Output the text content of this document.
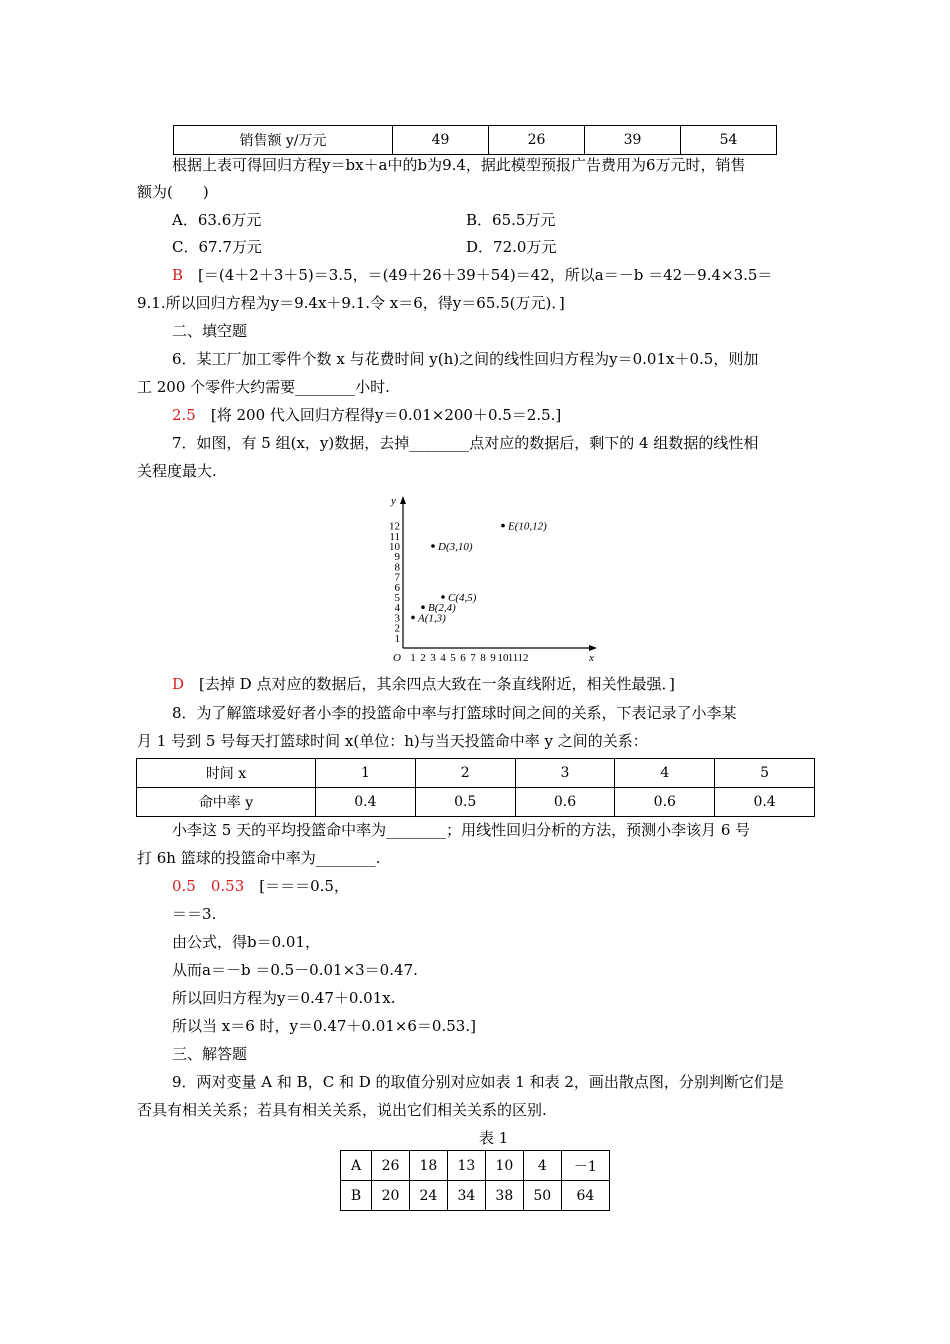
销售额 y/万元	49	26	39	54
根据上表可得回归方程y＝bx＋a中的b为9.4，据此模型预报广告费用为6万元时，销售
额为(　　)
A．63.6万元	B．65.5万元
C．67.7万元	D．72.0万元
B　[＝(4＋2＋3＋5)＝3.5，＝(49＋26＋39＋54)＝42，所以a＝－b ＝42－9.4×3.5＝
9.1.所以回归方程为y＝9.4x＋9.1.令 x＝6，得y＝65.5(万元)．]
二、填空题
6．某工厂加工零件个数 x 与花费时间 y(h)之间的线性回归方程为y＝0.01x＋0.5，则加
工 200 个零件大约需要________小时.
2.5　[将 200 代入回归方程得y＝0.01×200＋0.5＝2.5.]
7．如图，有 5 组(x，y)数据，去掉________点对应的数据后，剩下的 4 组数据的线性相
关程度最大.
x
y
O 1 2 3 4 5 6 7 8 9 10 11 12
1
2
3
4
5
6
7
8
9
10
11
12
A(1,3)
B(2,4)
C(4,5)
D(3,10)
E(10,12)
D　[去掉 D 点对应的数据后，其余四点大致在一条直线附近，相关性最强．]
8．为了解篮球爱好者小李的投篮命中率与打篮球时间之间的关系，下表记录了小李某
月 1 号到 5 号每天打篮球时间 x(单位：h)与当天投篮命中率 y 之间的关系：
时间 x	1	2	3	4	5
命中率 y	0.4	0.5	0.6	0.6	0.4
小李这 5 天的平均投篮命中率为________；用线性回归分析的方法，预测小李该月 6 号
打 6h 篮球的投篮命中率为________.
0.5　0.53　[＝＝＝0.5，
＝＝3.
由公式，得b＝0.01，
从而a＝－b ＝0.5－0.01×3＝0.47.
所以回归方程为y＝0.47＋0.01x.
所以当 x＝6 时，y＝0.47＋0.01×6＝0.53.]
三、解答题
9．两对变量 A 和 B，C 和 D 的取值分别对应如表 1 和表 2，画出散点图，分别判断它们是
否具有相关关系；若具有相关关系，说出它们相关关系的区别.
表 1
A	26	18	13	10	4	－1
B	20	24	34	38	50	64
